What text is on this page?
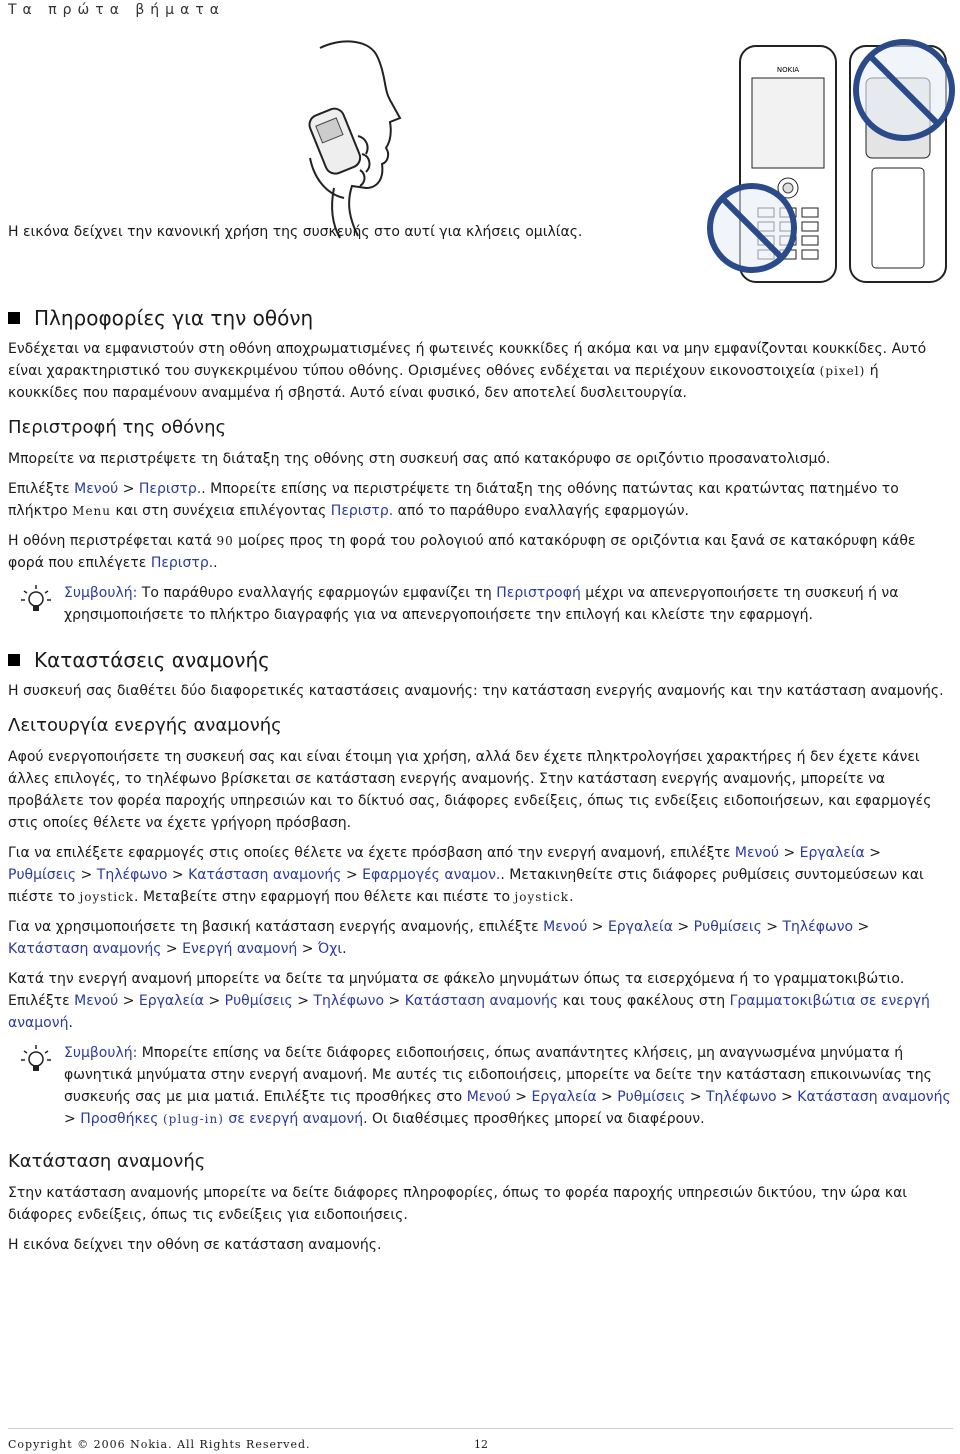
Τα πρώτα βήματα
NOKIA

Η εικόνα δείχνει την κανονική χρήση της συσκευής στο αυτί για κλήσεις ομιλίας.

Πληροφορίες για την οθόνη

Ενδέχεται να εμφανιστούν στη οθόνη αποχρωματισμένες ή φωτεινές κουκκίδες ή ακόμα και να μην εμφανίζονται κουκκίδες. Αυτό είναι χαρακτηριστικό του συγκεκριμένου τύπου οθόνης. Ορισμένες οθόνες ενδέχεται να περιέχουν εικονοστοιχεία (pixel) ή κουκκίδες που παραμένουν αναμμένα ή σβηστά. Αυτό είναι φυσικό, δεν αποτελεί δυσλειτουργία.

Περιστροφή της οθόνης

Μπορείτε να περιστρέψετε τη διάταξη της οθόνης στη συσκευή σας από κατακόρυφο σε οριζόντιο προσανατολισμό.

Επιλέξτε Μενού > Περιστρ.. Μπορείτε επίσης να περιστρέψετε τη διάταξη της οθόνης πατώντας και κρατώντας πατημένο το πλήκτρο Menu και στη συνέχεια επιλέγοντας Περιστρ. από το παράθυρο εναλλαγής εφαρμογών.

Η οθόνη περιστρέφεται κατά 90 μοίρες προς τη φορά του ρολογιού από κατακόρυφη σε οριζόντια και ξανά σε κατακόρυφη κάθε φορά που επιλέγετε Περιστρ..

Συμβουλή: Το παράθυρο εναλλαγής εφαρμογών εμφανίζει τη Περιστροφή μέχρι να απενεργοποιήσετε τη συσκευή ή να χρησιμοποιήσετε το πλήκτρο διαγραφής για να απενεργοποιήσετε την επιλογή και κλείστε την εφαρμογή.

Καταστάσεις αναμονής

Η συσκευή σας διαθέτει δύο διαφορετικές καταστάσεις αναμονής: την κατάσταση ενεργής αναμονής και την κατάσταση αναμονής.

Λειτουργία ενεργής αναμονής

Αφού ενεργοποιήσετε τη συσκευή σας και είναι έτοιμη για χρήση, αλλά δεν έχετε πληκτρολογήσει χαρακτήρες ή δεν έχετε κάνει άλλες επιλογές, το τηλέφωνο βρίσκεται σε κατάσταση ενεργής αναμονής. Στην κατάσταση ενεργής αναμονής, μπορείτε να προβάλετε τον φορέα παροχής υπηρεσιών και το δίκτυό σας, διάφορες ενδείξεις, όπως τις ενδείξεις ειδοποιήσεων, και εφαρμογές στις οποίες θέλετε να έχετε γρήγορη πρόσβαση.

Για να επιλέξετε εφαρμογές στις οποίες θέλετε να έχετε πρόσβαση από την ενεργή αναμονή, επιλέξτε Μενού > Εργαλεία > Ρυθμίσεις > Τηλέφωνο > Κατάσταση αναμονής > Εφαρμογές αναμον.. Μετακινηθείτε στις διάφορες ρυθμίσεις συντομεύσεων και πιέστε το joystick. Μεταβείτε στην εφαρμογή που θέλετε και πιέστε το joystick.

Για να χρησιμοποιήσετε τη βασική κατάσταση ενεργής αναμονής, επιλέξτε Μενού > Εργαλεία > Ρυθμίσεις > Τηλέφωνο > Κατάσταση αναμονής > Ενεργή αναμονή > Όχι.

Κατά την ενεργή αναμονή μπορείτε να δείτε τα μηνύματα σε φάκελο μηνυμάτων όπως τα εισερχόμενα ή το γραμματοκιβώτιο. Επιλέξτε Μενού > Εργαλεία > Ρυθμίσεις > Τηλέφωνο > Κατάσταση αναμονής και τους φακέλους στη Γραμματοκιβώτια σε ενεργή αναμονή.

Συμβουλή: Μπορείτε επίσης να δείτε διάφορες ειδοποιήσεις, όπως αναπάντητες κλήσεις, μη αναγνωσμένα μηνύματα ή φωνητικά μηνύματα στην ενεργή αναμονή. Με αυτές τις ειδοποιήσεις, μπορείτε να δείτε την κατάσταση επικοινωνίας της συσκευής σας με μια ματιά. Επιλέξτε τις προσθήκες στο Μενού > Εργαλεία > Ρυθμίσεις > Τηλέφωνο > Κατάσταση αναμονής > Προσθήκες (plug-in) σε ενεργή αναμονή. Οι διαθέσιμες προσθήκες μπορεί να διαφέρουν.

Κατάσταση αναμονής

Στην κατάσταση αναμονής μπορείτε να δείτε διάφορες πληροφορίες, όπως το φορέα παροχής υπηρεσιών δικτύου, την ώρα και διάφορες ενδείξεις, όπως τις ενδείξεις για ειδοποιήσεις.

Η εικόνα δείχνει την οθόνη σε κατάσταση αναμονής.

Copyright © 2006 Nokia. All Rights Reserved.	12
